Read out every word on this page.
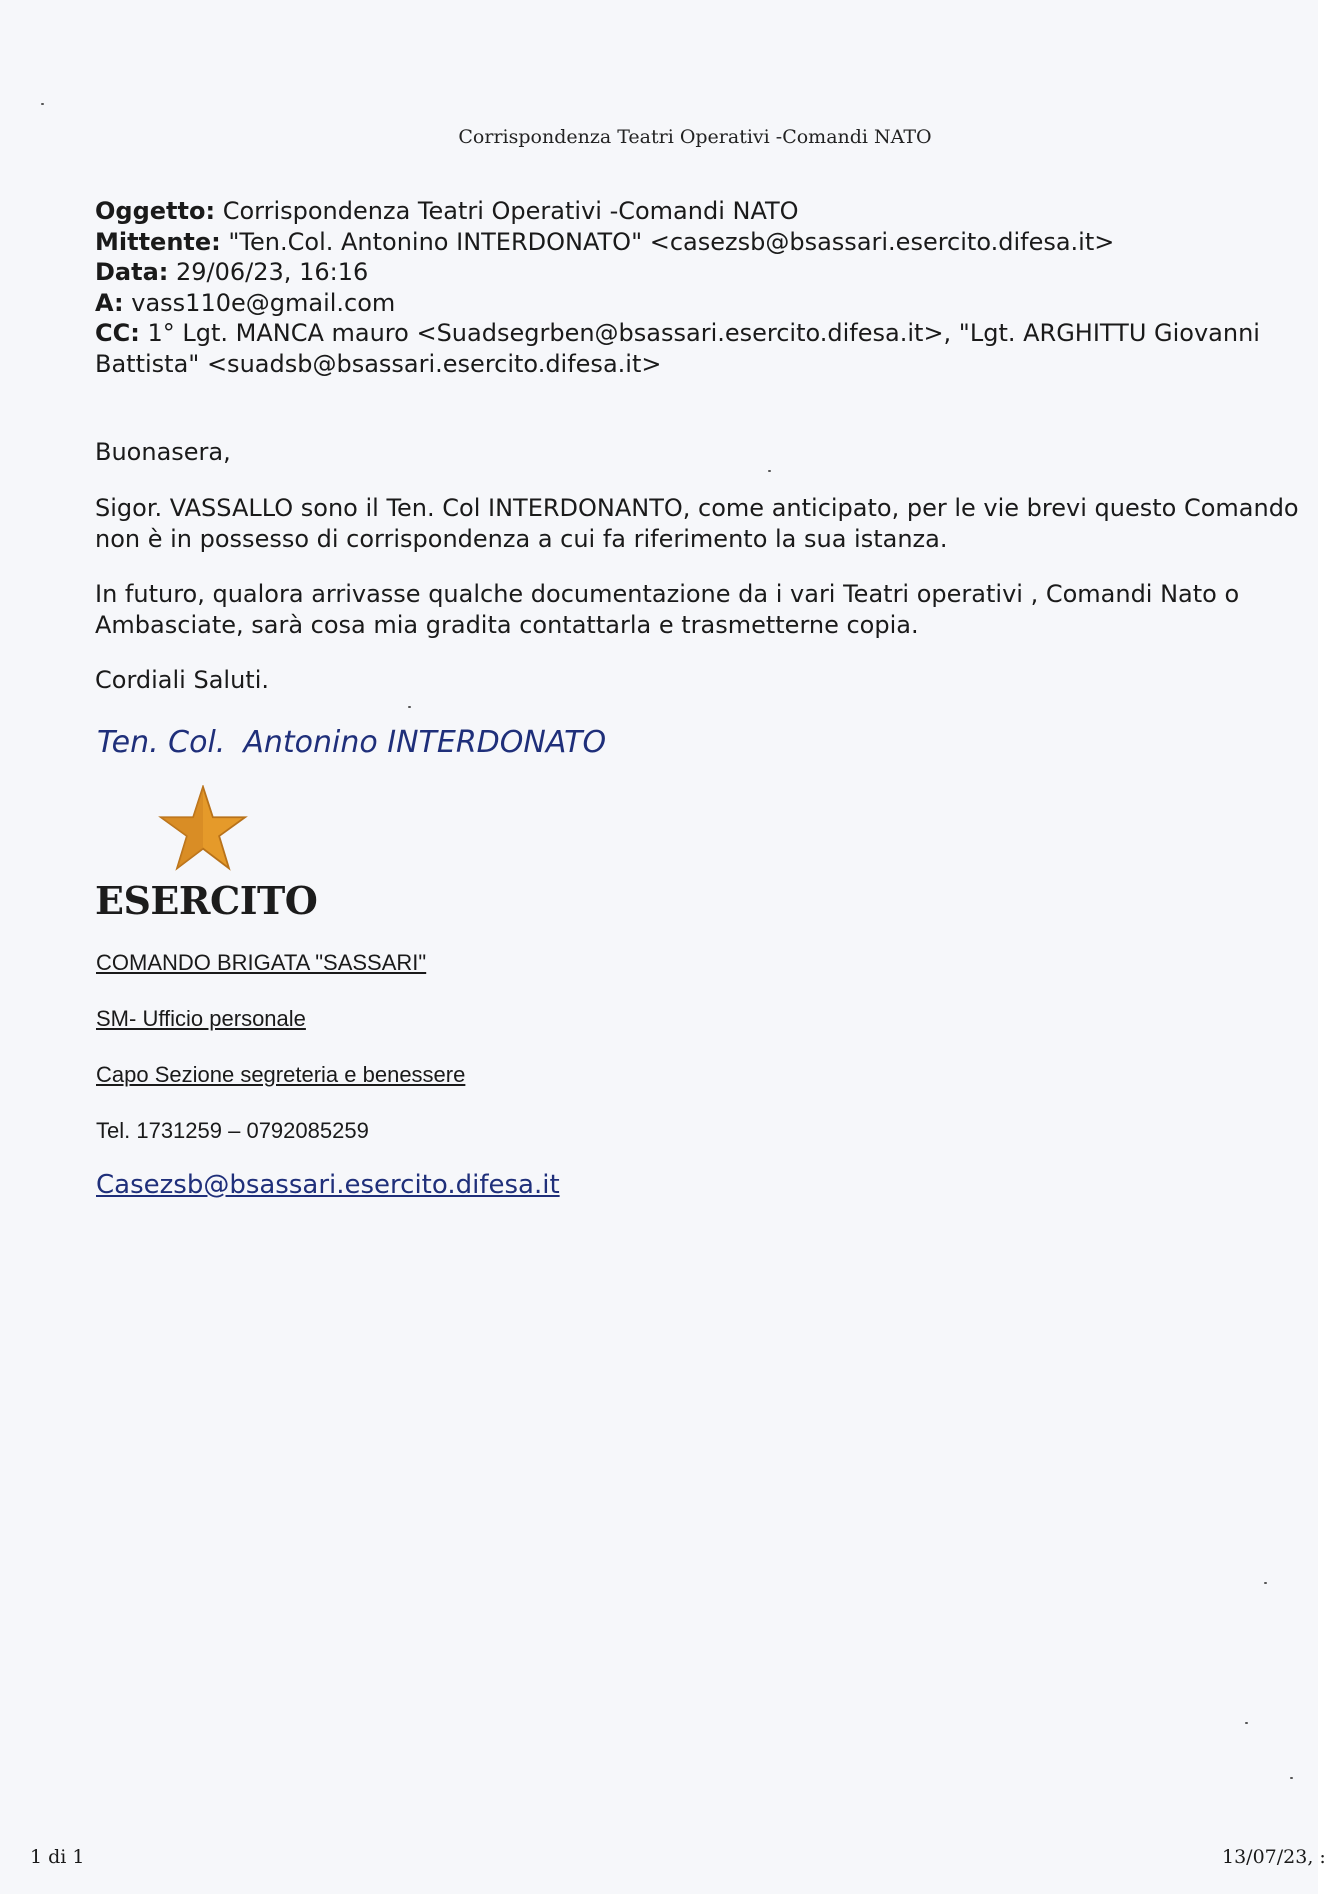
Corrispondenza Teatri Operativi -Comandi NATO
Oggetto: Corrispondenza Teatri Operativi -Comandi NATO
Mittente: "Ten.Col. Antonino INTERDONATO" <casezsb@bsassari.esercito.difesa.it>
Data: 29/06/23, 16:16
A: vass110e@gmail.com
CC: 1° Lgt. MANCA mauro <Suadsegrben@bsassari.esercito.difesa.it>, "Lgt. ARGHITTU Giovanni Battista" <suadsb@bsassari.esercito.difesa.it>

Buonasera,

Sigor. VASSALLO sono il Ten. Col INTERDONANTO, come anticipato, per le vie brevi questo Comando non è in possesso di corrispondenza a cui fa riferimento la sua istanza.

In futuro, qualora arrivasse qualche documentazione da i vari Teatri operativi , Comandi Nato o Ambasciate, sarà cosa mia gradita contattarla e trasmetterne copia.

Cordiali Saluti.

Ten. Col. Antonino INTERDONATO
ESERCITO
COMANDO BRIGATA "SASSARI"
SM- Ufficio personale
Capo Sezione segreteria e benessere
Tel. 1731259 – 0792085259
Casezsb@bsassari.esercito.difesa.it
1 di 1	13/07/23, :
